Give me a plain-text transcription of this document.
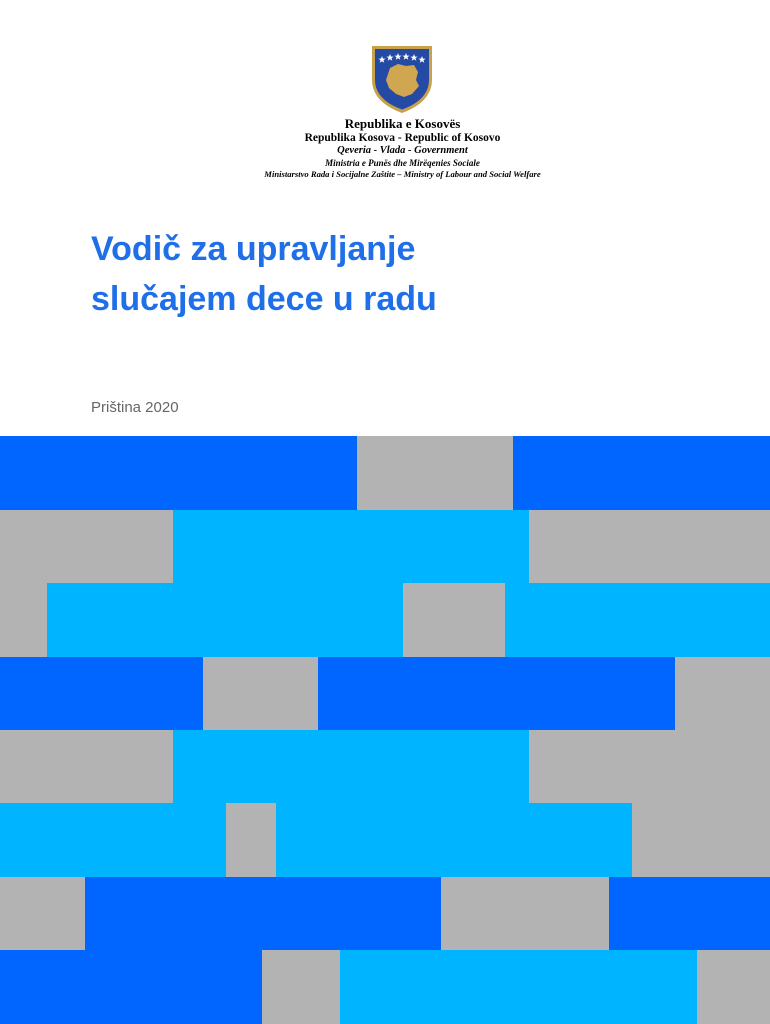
Republika e Kosovës
Republika Kosova - Republic of Kosovo
Qeveria - Vlada - Government
Ministria e Punës dhe Mirëqenies Sociale
Ministarstvo Rada i Socijalne Zaštite – Ministry of Labour and Social Welfare
Vodič za upravljanje
slučajem dece u radu
Priština 2020
